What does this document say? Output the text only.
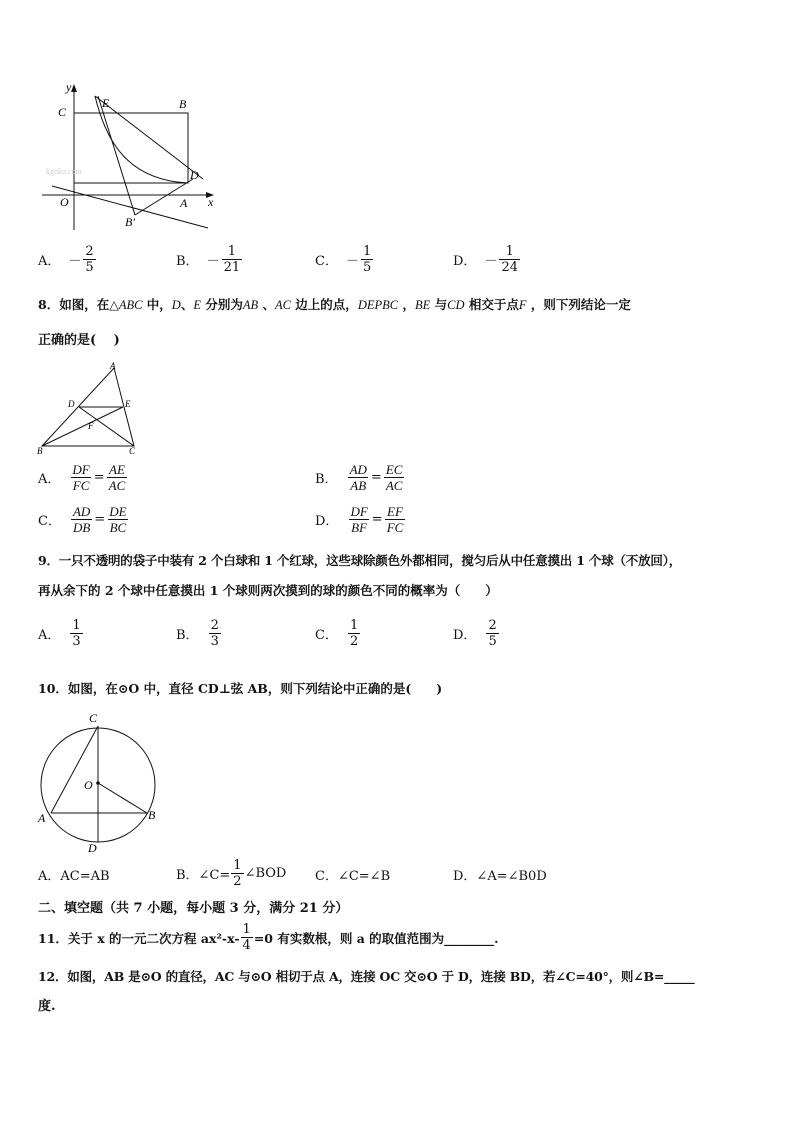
kgoku.com
y
x
C
E	B
D
O	A
B′
A． － $\frac{2}{5}$	B． － $\frac{1}{21}$	C． － $\frac{1}{5}$	D． － $\frac{1}{24}$
8．如图，在△ABC 中，D、E 分别为AB 、AC 边上的点，DEPBC ，BE 与CD 相交于点F ，则下列结论一定
正确的是(　 )
A
D	E
F
B	C
A． $\frac{DF}{FC} = \frac{AE}{AC}$	B． $\frac{AD}{AB} = \frac{EC}{AC}$
C． $\frac{AD}{DB} = \frac{DE}{BC}$	D． $\frac{DF}{BF} = \frac{EF}{FC}$
9．一只不透明的袋子中装有 2 个白球和 1 个红球，这些球除颜色外都相同，搅匀后从中任意摸出 1 个球（不放回），
再从余下的 2 个球中任意摸出 1 个球则两次摸到的球的颜色不同的概率为（　　）
A． $\frac{1}{3}$	B． $\frac{2}{3}$	C． $\frac{1}{2}$	D． $\frac{2}{5}$
10．如图，在⊙O 中，直径 CD⊥弦 AB，则下列结论中正确的是(　　)
C
O
A	B
D
A．AC=AB	B．∠C= $\frac{1}{2}$ ∠BOD C．∠C=∠B	D．∠A=∠B0D
二、填空题（共 7 小题，每小题 3 分，满分 21 分）
11．关于 x 的一元二次方程 $ax^2-x- \frac{1}{4} =0$ 有实数根，则 a 的取值范围为________.
12．如图，AB 是⊙O 的直径，AC 与⊙O 相切于点 A，连接 OC 交⊙O 于 D，连接 BD，若∠C=40°，则∠B=_____
度.
